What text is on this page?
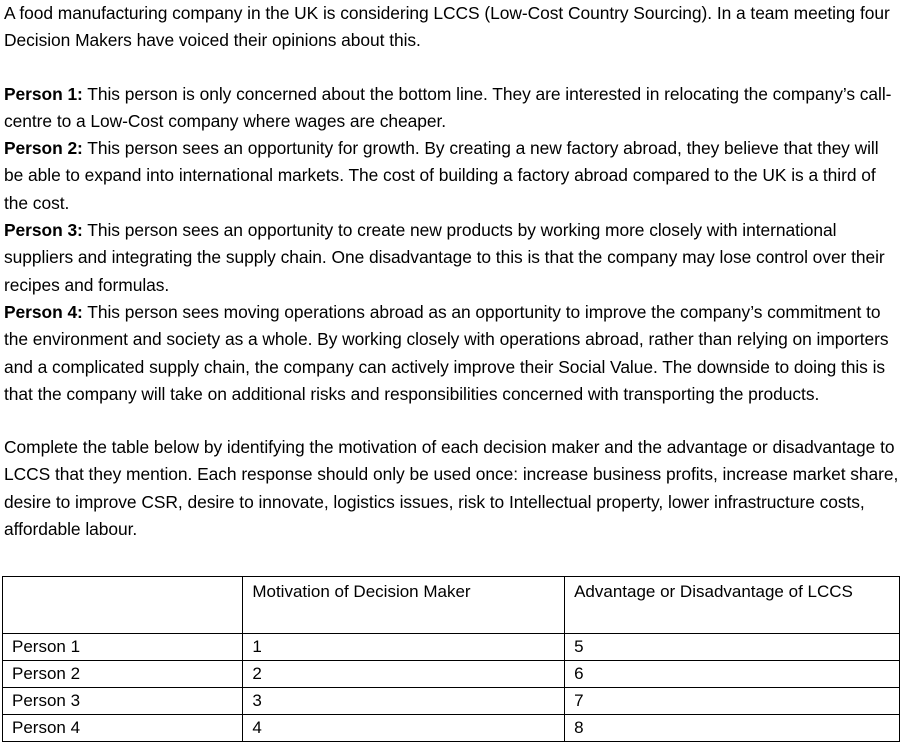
A food manufacturing company in the UK is considering LCCS (Low-Cost Country Sourcing). In a team meeting four Decision Makers have voiced their opinions about this.

Person 1: This person is only concerned about the bottom line. They are interested in relocating the company’s call-centre to a Low-Cost company where wages are cheaper.

Person 2: This person sees an opportunity for growth. By creating a new factory abroad, they believe that they will be able to expand into international markets. The cost of building a factory abroad compared to the UK is a third of the cost.

Person 3: This person sees an opportunity to create new products by working more closely with international suppliers and integrating the supply chain. One disadvantage to this is that the company may lose control over their recipes and formulas.

Person 4: This person sees moving operations abroad as an opportunity to improve the company’s commitment to the environment and society as a whole. By working closely with operations abroad, rather than relying on importers and a complicated supply chain, the company can actively improve their Social Value. The downside to doing this is that the company will take on additional risks and responsibilities concerned with transporting the products.

Complete the table below by identifying the motivation of each decision maker and the advantage or disadvantage to LCCS that they mention. Each response should only be used once: increase business profits, increase market share, desire to improve CSR, desire to innovate, logistics issues, risk to Intellectual property, lower infrastructure costs, affordable labour.

	Motivation of Decision Maker	Advantage or Disadvantage of LCCS
Person 1	1	5
Person 2	2	6
Person 3	3	7
Person 4	4	8
